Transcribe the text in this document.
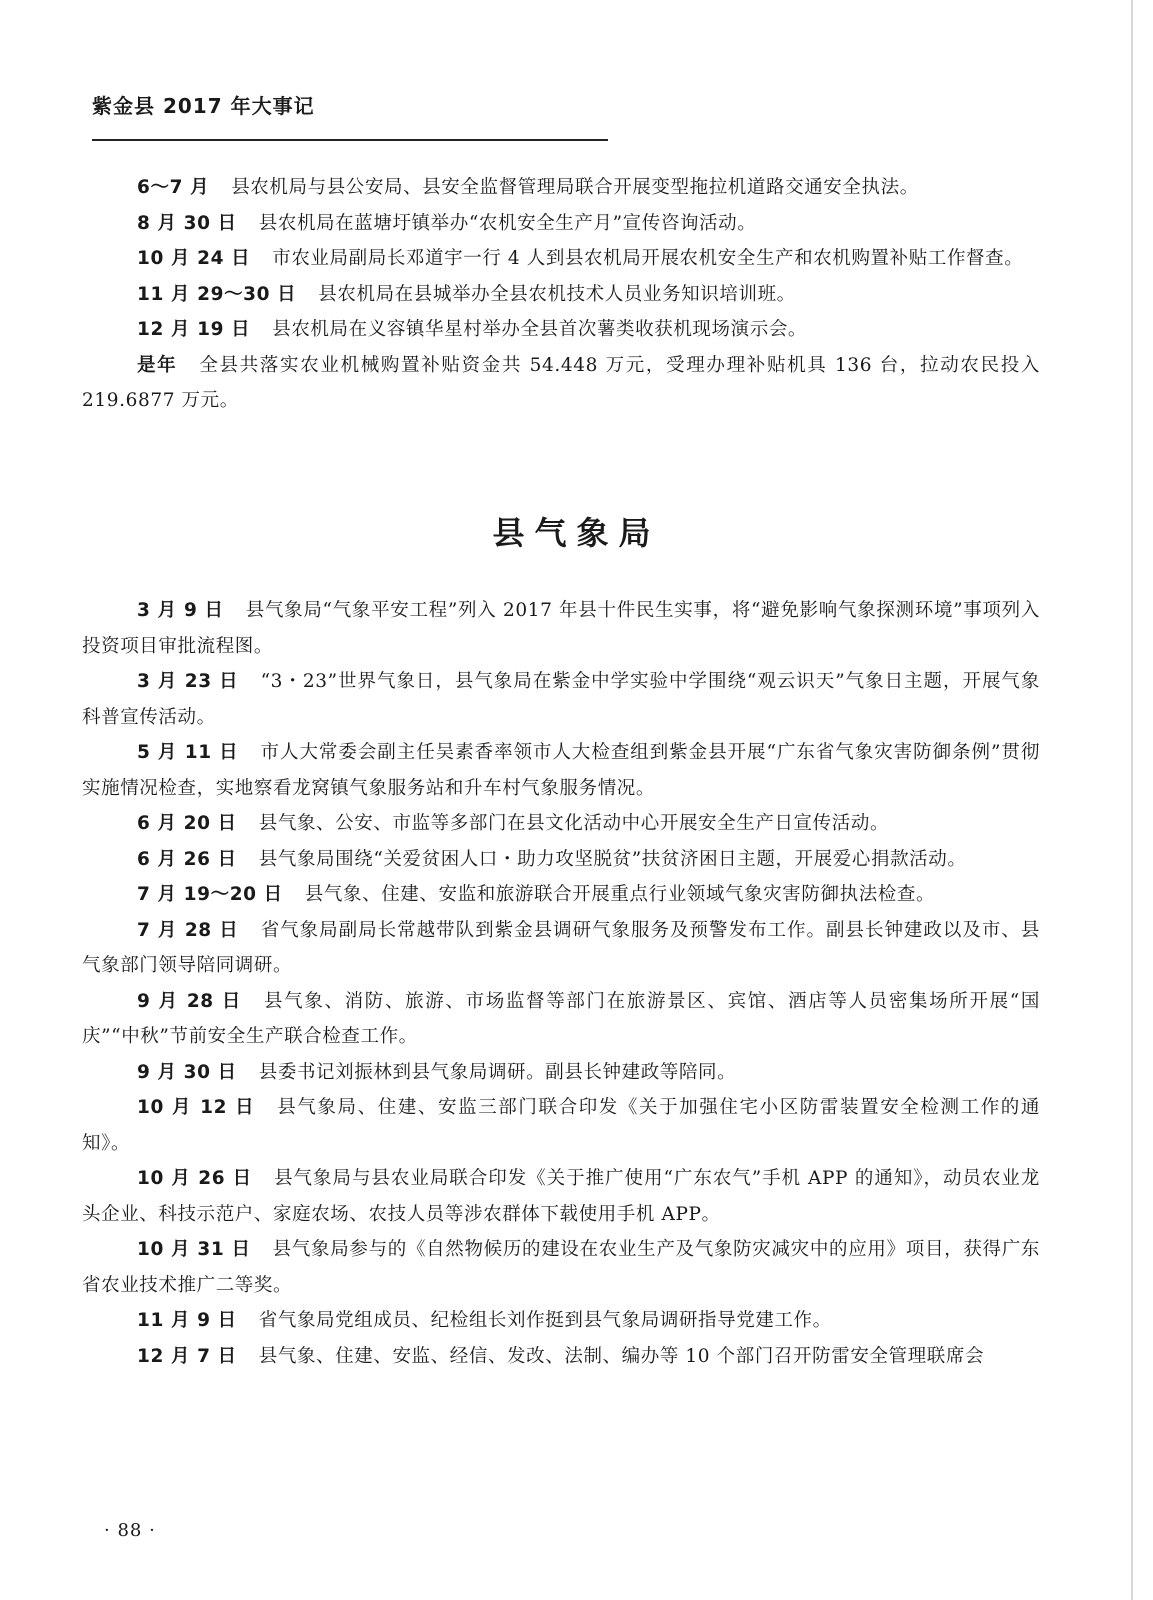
紫金县 2017 年大事记

6～7 月 县农机局与县公安局、县安全监督管理局联合开展变型拖拉机道路交通安全执法。

8 月 30 日 县农机局在蓝塘圩镇举办“农机安全生产月”宣传咨询活动。

10 月 24 日 市农业局副局长邓道宇一行 4 人到县农机局开展农机安全生产和农机购置补贴工作督查。

11 月 29～30 日 县农机局在县城举办全县农机技术人员业务知识培训班。

12 月 19 日 县农机局在义容镇华星村举办全县首次薯类收获机现场演示会。

是年 全县共落实农业机械购置补贴资金共 54.448 万元，受理办理补贴机具 136 台，拉动农民投入 219.6877 万元。

县气象局

3 月 9 日 县气象局“气象平安工程”列入 2017 年县十件民生实事，将“避免影响气象探测环境”事项列入投资项目审批流程图。

3 月 23 日 “3・23”世界气象日，县气象局在紫金中学实验中学围绕“观云识天”气象日主题，开展气象科普宣传活动。

5 月 11 日 市人大常委会副主任吴素香率领市人大检查组到紫金县开展“广东省气象灾害防御条例”贯彻实施情况检查，实地察看龙窝镇气象服务站和升车村气象服务情况。

6 月 20 日 县气象、公安、市监等多部门在县文化活动中心开展安全生产日宣传活动。

6 月 26 日 县气象局围绕“关爱贫困人口・助力攻坚脱贫”扶贫济困日主题，开展爱心捐款活动。

7 月 19～20 日 县气象、住建、安监和旅游联合开展重点行业领域气象灾害防御执法检查。

7 月 28 日 省气象局副局长常越带队到紫金县调研气象服务及预警发布工作。副县长钟建政以及市、县气象部门领导陪同调研。

9 月 28 日 县气象、消防、旅游、市场监督等部门在旅游景区、宾馆、酒店等人员密集场所开展“国庆”“中秋”节前安全生产联合检查工作。

9 月 30 日 县委书记刘振林到县气象局调研。副县长钟建政等陪同。

10 月 12 日 县气象局、住建、安监三部门联合印发《关于加强住宅小区防雷装置安全检测工作的通知》。

10 月 26 日 县气象局与县农业局联合印发《关于推广使用“广东农气”手机 APP 的通知》，动员农业龙头企业、科技示范户、家庭农场、农技人员等涉农群体下载使用手机 APP。

10 月 31 日 县气象局参与的《自然物候历的建设在农业生产及气象防灾减灾中的应用》项目，获得广东省农业技术推广二等奖。

11 月 9 日 省气象局党组成员、纪检组长刘作挺到县气象局调研指导党建工作。

12 月 7 日 县气象、住建、安监、经信、发改、法制、编办等 10 个部门召开防雷安全管理联席会

· 88 ·
